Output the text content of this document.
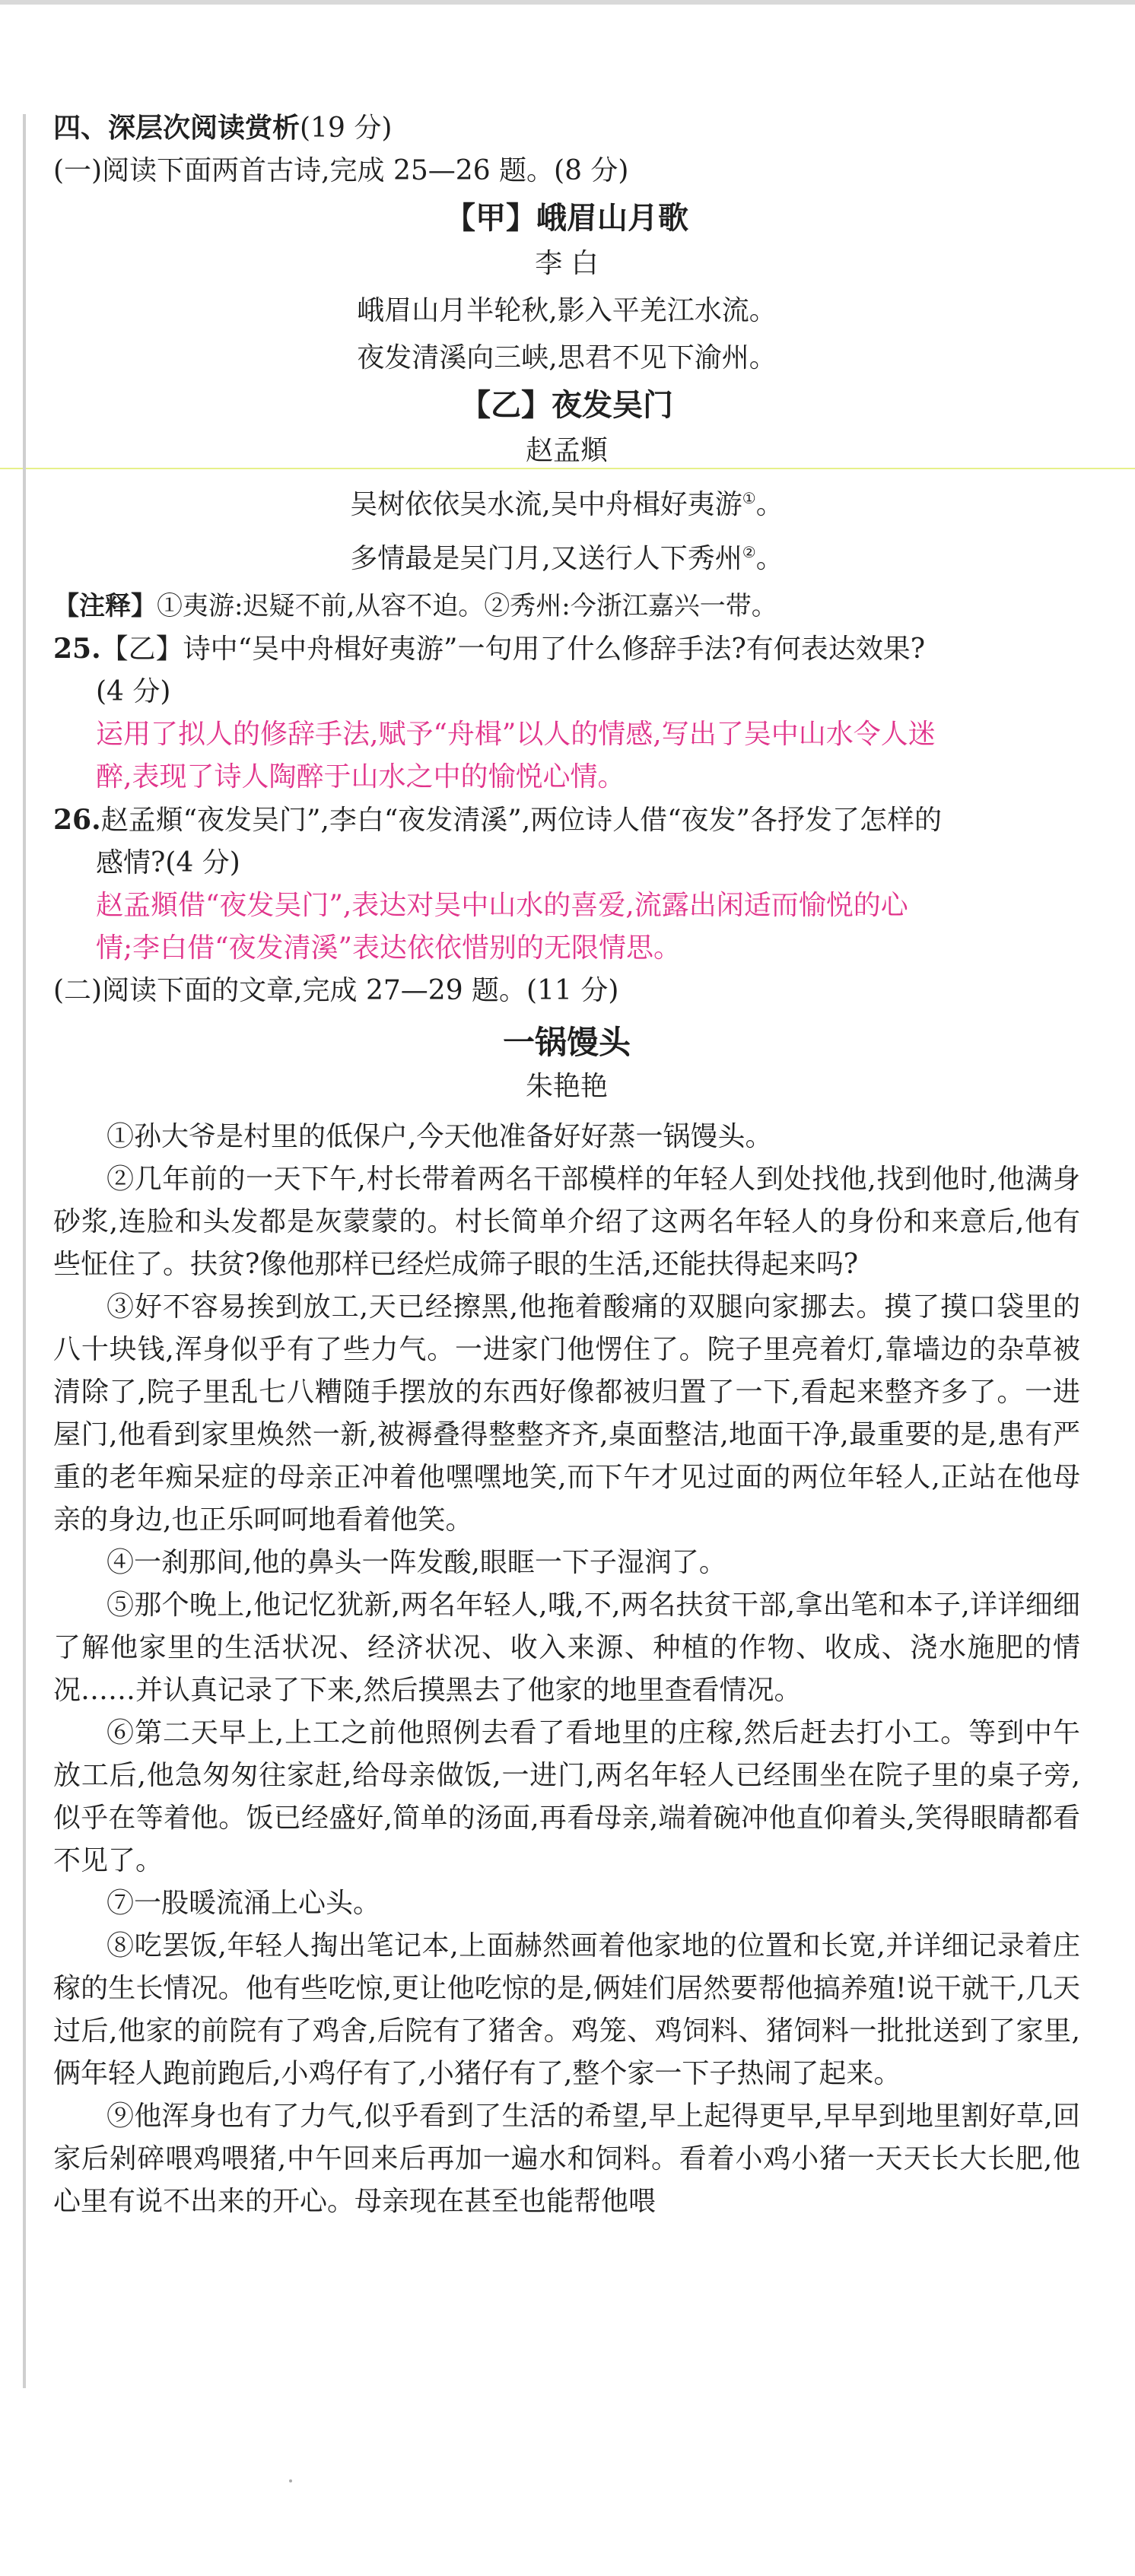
四、深层次阅读赏析(19 分)

(一)阅读下面两首古诗,完成 25—26 题。(8 分)

【甲】峨眉山月歌

李 白

峨眉山月半轮秋,影入平羌江水流。

夜发清溪向三峡,思君不见下渝州。

【乙】夜发吴门

赵孟頫

吴树依依吴水流,吴中舟楫好夷游①。

多情最是吴门月,又送行人下秀州②。

【注释】①夷游:迟疑不前,从容不迫。②秀州:今浙江嘉兴一带。

25.【乙】诗中“吴中舟楫好夷游”一句用了什么修辞手法?有何表达效果?

(4 分)

运用了拟人的修辞手法,赋予“舟楫”以人的情感,写出了吴中山水令人迷

醉,表现了诗人陶醉于山水之中的愉悦心情。

26.赵孟頫“夜发吴门”,李白“夜发清溪”,两位诗人借“夜发”各抒发了怎样的

感情?(4 分)

赵孟頫借“夜发吴门”,表达对吴中山水的喜爱,流露出闲适而愉悦的心

情;李白借“夜发清溪”表达依依惜别的无限情思。

(二)阅读下面的文章,完成 27—29 题。(11 分)

一锅馒头

朱艳艳

①孙大爷是村里的低保户,今天他准备好好蒸一锅馒头。

②几年前的一天下午,村长带着两名干部模样的年轻人到处找他,找到他时,他满身砂浆,连脸和头发都是灰蒙蒙的。村长简单介绍了这两名年轻人的身份和来意后,他有些怔住了。扶贫?像他那样已经烂成筛子眼的生活,还能扶得起来吗?

③好不容易挨到放工,天已经擦黑,他拖着酸痛的双腿向家挪去。摸了摸口袋里的八十块钱,浑身似乎有了些力气。一进家门他愣住了。院子里亮着灯,靠墙边的杂草被清除了,院子里乱七八糟随手摆放的东西好像都被归置了一下,看起来整齐多了。一进屋门,他看到家里焕然一新,被褥叠得整整齐齐,桌面整洁,地面干净,最重要的是,患有严重的老年痴呆症的母亲正冲着他嘿嘿地笑,而下午才见过面的两位年轻人,正站在他母亲的身边,也正乐呵呵地看着他笑。

④一刹那间,他的鼻头一阵发酸,眼眶一下子湿润了。

⑤那个晚上,他记忆犹新,两名年轻人,哦,不,两名扶贫干部,拿出笔和本子,详详细细了解他家里的生活状况、经济状况、收入来源、种植的作物、收成、浇水施肥的情况……并认真记录了下来,然后摸黑去了他家的地里查看情况。

⑥第二天早上,上工之前他照例去看了看地里的庄稼,然后赶去打小工。等到中午放工后,他急匆匆往家赶,给母亲做饭,一进门,两名年轻人已经围坐在院子里的桌子旁,似乎在等着他。饭已经盛好,简单的汤面,再看母亲,端着碗冲他直仰着头,笑得眼睛都看不见了。

⑦一股暖流涌上心头。

⑧吃罢饭,年轻人掏出笔记本,上面赫然画着他家地的位置和长宽,并详细记录着庄稼的生长情况。他有些吃惊,更让他吃惊的是,俩娃们居然要帮他搞养殖!说干就干,几天过后,他家的前院有了鸡舍,后院有了猪舍。鸡笼、鸡饲料、猪饲料一批批送到了家里,俩年轻人跑前跑后,小鸡仔有了,小猪仔有了,整个家一下子热闹了起来。

⑨他浑身也有了力气,似乎看到了生活的希望,早上起得更早,早早到地里割好草,回家后剁碎喂鸡喂猪,中午回来后再加一遍水和饲料。看着小鸡小猪一天天长大长肥,他心里有说不出来的开心。母亲现在甚至也能帮他喂
